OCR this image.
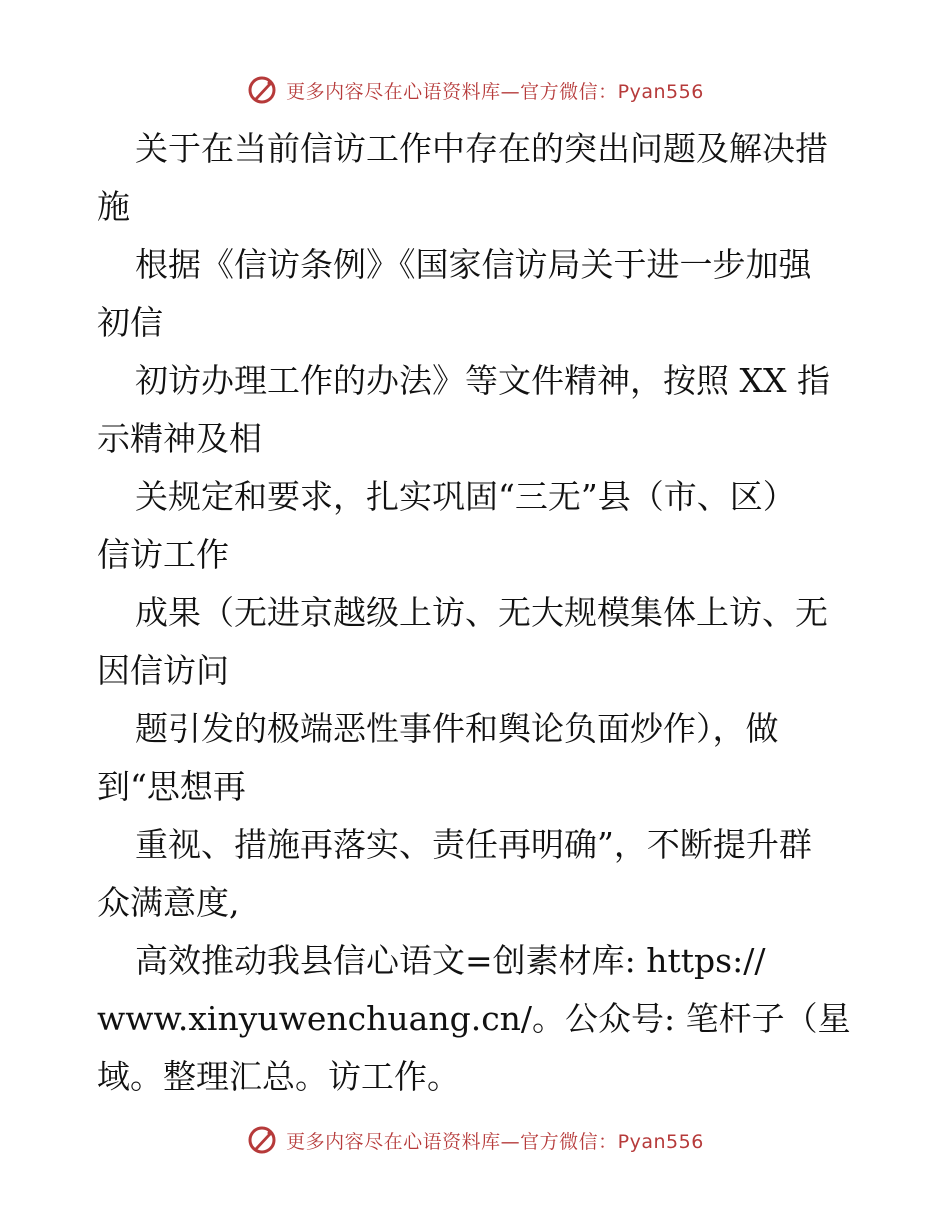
更多内容尽在心语资料库—官方微信：Pyan556
关于在当前信访工作中存在的突出问题及解决措
施
根据《信访条例》《国家信访局关于进一步加强
初信
初访办理工作的办法》等文件精神，按照 XX 指
示精神及相
关规定和要求，扎实巩固“三无”县（市、区）
信访工作
成果（无进京越级上访、无大规模集体上访、无
因信访问
题引发的极端恶性事件和舆论负面炒作），做
到“思想再
重视、措施再落实、责任再明确”，不断提升群
众满意度,
高效推动我县信心语文=创素材库: https://
www.xinyuwenchuang.cn/。公众号: 笔杆子（星
域。整理汇总。访工作。
更多内容尽在心语资料库—官方微信：Pyan556
